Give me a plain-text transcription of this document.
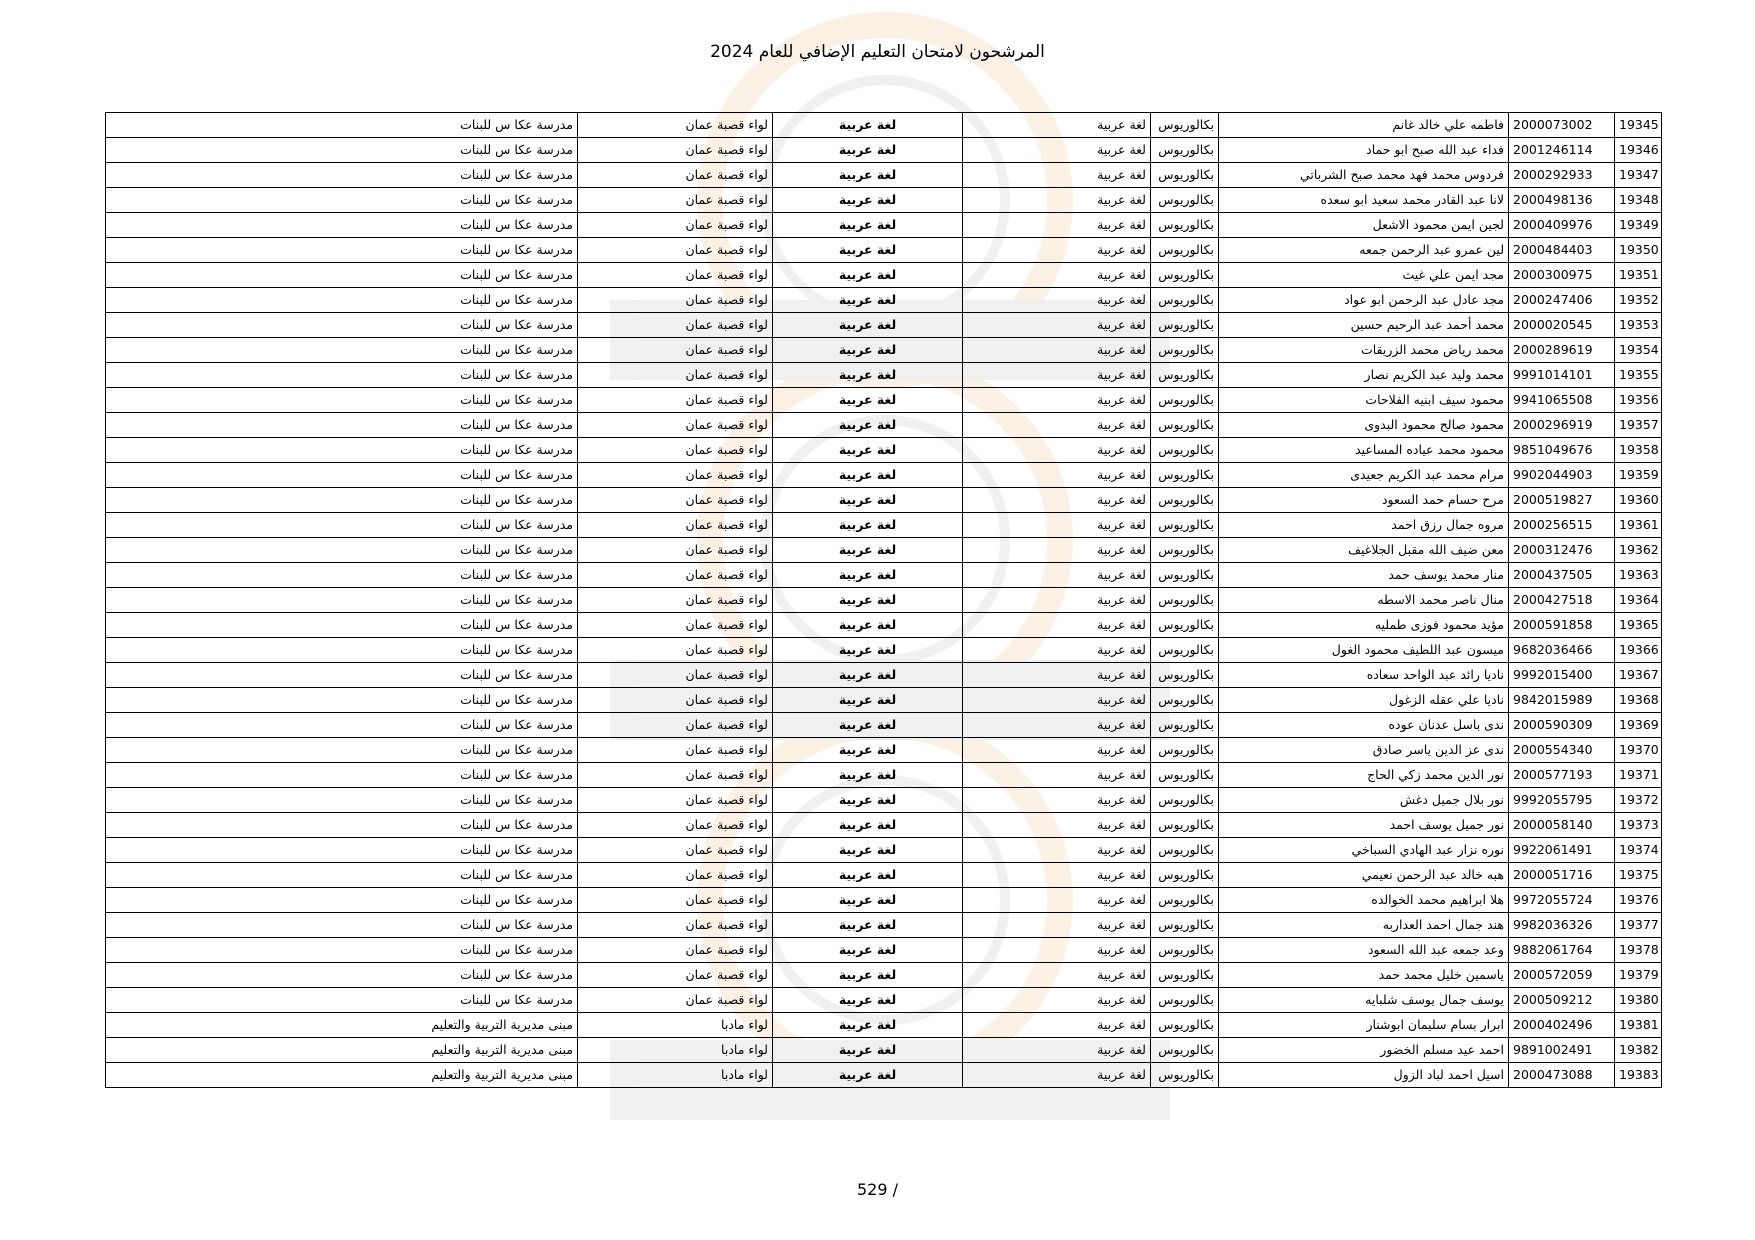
المرشحون لامتحان التعليم الإضافي للعام 2024
19345	2000073002	فاطمه علي خالد غانم	بكالوريوس	لغة عربية	لغة عربية	لواء قصبة عمان	مدرسة عكا س للبنات
19346	2001246114	فداء عبد الله صبح ابو حماد	بكالوريوس	لغة عربية	لغة عربية	لواء قصبة عمان	مدرسة عكا س للبنات
19347	2000292933	فردوس محمد فهد محمد صبح الشرباتي	بكالوريوس	لغة عربية	لغة عربية	لواء قصبة عمان	مدرسة عكا س للبنات
19348	2000498136	لانا عبد القادر محمد سعيد ابو سعده	بكالوريوس	لغة عربية	لغة عربية	لواء قصبة عمان	مدرسة عكا س للبنات
19349	2000409976	لجين ايمن محمود الاشعل	بكالوريوس	لغة عربية	لغة عربية	لواء قصبة عمان	مدرسة عكا س للبنات
19350	2000484403	لين عمرو عبد الرحمن جمعه	بكالوريوس	لغة عربية	لغة عربية	لواء قصبة عمان	مدرسة عكا س للبنات
19351	2000300975	مجد ايمن علي غيث	بكالوريوس	لغة عربية	لغة عربية	لواء قصبة عمان	مدرسة عكا س للبنات
19352	2000247406	مجد عادل عبد الرحمن ابو عواد	بكالوريوس	لغة عربية	لغة عربية	لواء قصبة عمان	مدرسة عكا س للبنات
19353	2000020545	محمد أحمد عبد الرحيم حسين	بكالوريوس	لغة عربية	لغة عربية	لواء قصبة عمان	مدرسة عكا س للبنات
19354	2000289619	محمد رياض محمد الزريقات	بكالوريوس	لغة عربية	لغة عربية	لواء قصبة عمان	مدرسة عكا س للبنات
19355	9991014101	محمد وليد عبد الكريم نصار	بكالوريوس	لغة عربية	لغة عربية	لواء قصبة عمان	مدرسة عكا س للبنات
19356	9941065508	محمود سيف ابنيه الفلاحات	بكالوريوس	لغة عربية	لغة عربية	لواء قصبة عمان	مدرسة عكا س للبنات
19357	2000296919	محمود صالح محمود البدوى	بكالوريوس	لغة عربية	لغة عربية	لواء قصبة عمان	مدرسة عكا س للبنات
19358	9851049676	محمود محمد عياده المساعيد	بكالوريوس	لغة عربية	لغة عربية	لواء قصبة عمان	مدرسة عكا س للبنات
19359	9902044903	مرام محمد عبد الكريم جعيدى	بكالوريوس	لغة عربية	لغة عربية	لواء قصبة عمان	مدرسة عكا س للبنات
19360	2000519827	مرح حسام حمد السعود	بكالوريوس	لغة عربية	لغة عربية	لواء قصبة عمان	مدرسة عكا س للبنات
19361	2000256515	مروه جمال رزق احمد	بكالوريوس	لغة عربية	لغة عربية	لواء قصبة عمان	مدرسة عكا س للبنات
19362	2000312476	معن ضيف الله مقبل الجلاغيف	بكالوريوس	لغة عربية	لغة عربية	لواء قصبة عمان	مدرسة عكا س للبنات
19363	2000437505	منار محمد يوسف حمد	بكالوريوس	لغة عربية	لغة عربية	لواء قصبة عمان	مدرسة عكا س للبنات
19364	2000427518	منال ناصر محمد الاسطه	بكالوريوس	لغة عربية	لغة عربية	لواء قصبة عمان	مدرسة عكا س للبنات
19365	2000591858	مؤيد محمود فوزى طمليه	بكالوريوس	لغة عربية	لغة عربية	لواء قصبة عمان	مدرسة عكا س للبنات
19366	9682036466	ميسون عبد اللطيف محمود الغول	بكالوريوس	لغة عربية	لغة عربية	لواء قصبة عمان	مدرسة عكا س للبنات
19367	9992015400	ناديا رائد عبد الواحد سعاده	بكالوريوس	لغة عربية	لغة عربية	لواء قصبة عمان	مدرسة عكا س للبنات
19368	9842015989	ناديا علي عقله الزغول	بكالوريوس	لغة عربية	لغة عربية	لواء قصبة عمان	مدرسة عكا س للبنات
19369	2000590309	ندى باسل عدنان عوده	بكالوريوس	لغة عربية	لغة عربية	لواء قصبة عمان	مدرسة عكا س للبنات
19370	2000554340	ندى عز الدين ياسر صادق	بكالوريوس	لغة عربية	لغة عربية	لواء قصبة عمان	مدرسة عكا س للبنات
19371	2000577193	نور الدين محمد زكي الحاج	بكالوريوس	لغة عربية	لغة عربية	لواء قصبة عمان	مدرسة عكا س للبنات
19372	9992055795	نور بلال جميل دغش	بكالوريوس	لغة عربية	لغة عربية	لواء قصبة عمان	مدرسة عكا س للبنات
19373	2000058140	نور جميل يوسف احمد	بكالوريوس	لغة عربية	لغة عربية	لواء قصبة عمان	مدرسة عكا س للبنات
19374	9922061491	نوره نزار عبد الهادي السباخي	بكالوريوس	لغة عربية	لغة عربية	لواء قصبة عمان	مدرسة عكا س للبنات
19375	2000051716	هبه خالد عبد الرحمن نعيمي	بكالوريوس	لغة عربية	لغة عربية	لواء قصبة عمان	مدرسة عكا س للبنات
19376	9972055724	هلا ابراهيم محمد الخوالده	بكالوريوس	لغة عربية	لغة عربية	لواء قصبة عمان	مدرسة عكا س للبنات
19377	9982036326	هند جمال احمد العداربه	بكالوريوس	لغة عربية	لغة عربية	لواء قصبة عمان	مدرسة عكا س للبنات
19378	9882061764	وعد جمعه عبد الله السعود	بكالوريوس	لغة عربية	لغة عربية	لواء قصبة عمان	مدرسة عكا س للبنات
19379	2000572059	ياسمين خليل محمد حمد	بكالوريوس	لغة عربية	لغة عربية	لواء قصبة عمان	مدرسة عكا س للبنات
19380	2000509212	يوسف جمال يوسف شلبايه	بكالوريوس	لغة عربية	لغة عربية	لواء قصبة عمان	مدرسة عكا س للبنات
19381	2000402496	ابرار بسام سليمان ابوشنار	بكالوريوس	لغة عربية	لغة عربية	لواء مادبا	مبنى مديرية التربية والتعليم
19382	9891002491	احمد عيد مسلم الخضور	بكالوريوس	لغة عربية	لغة عربية	لواء مادبا	مبنى مديرية التربية والتعليم
19383	2000473088	اسيل احمد لباد الزول	بكالوريوس	لغة عربية	لغة عربية	لواء مادبا	مبنى مديرية التربية والتعليم
529 /
